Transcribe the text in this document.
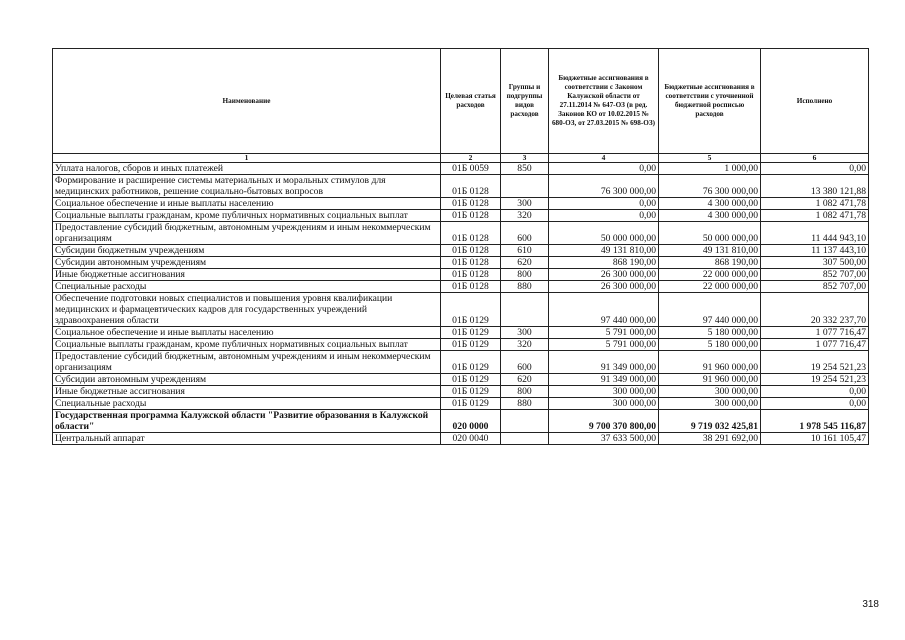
Наименование	Целевая статья расходов	Группы и подгруппы видов расходов	Бюджетные ассигнования в соответствии с Законом Калужской области от 27.11.2014 № 647-ОЗ (в ред. Законов КО от 10.02.2015 № 680-ОЗ, от 27.03.2015 № 698-ОЗ)	Бюджетные ассигнования в соответствии с уточненной бюджетной росписью расходов	Исполнено
1	2	3	4	5	6
Уплата налогов, сборов и иных платежей	01Б 0059	850	0,00	1 000,00	0,00
Формирование и расширение системы материальных и моральных стимулов для медицинских работников, решение социально-бытовых вопросов	01Б 0128		76 300 000,00	76 300 000,00	13 380 121,88
Социальное обеспечение и иные выплаты населению	01Б 0128	300	0,00	4 300 000,00	1 082 471,78
Социальные выплаты гражданам, кроме публичных нормативных социальных выплат	01Б 0128	320	0,00	4 300 000,00	1 082 471,78
Предоставление субсидий бюджетным, автономным учреждениям и иным некоммерческим организациям	01Б 0128	600	50 000 000,00	50 000 000,00	11 444 943,10
Субсидии бюджетным учреждениям	01Б 0128	610	49 131 810,00	49 131 810,00	11 137 443,10
Субсидии автономным учреждениям	01Б 0128	620	868 190,00	868 190,00	307 500,00
Иные бюджетные ассигнования	01Б 0128	800	26 300 000,00	22 000 000,00	852 707,00
Специальные расходы	01Б 0128	880	26 300 000,00	22 000 000,00	852 707,00
Обеспечение подготовки новых специалистов и повышения уровня квалификации медицинских и фармацевтических кадров для государственных учреждений здравоохранения области	01Б 0129		97 440 000,00	97 440 000,00	20 332 237,70
Социальное обеспечение и иные выплаты населению	01Б 0129	300	5 791 000,00	5 180 000,00	1 077 716,47
Социальные выплаты гражданам, кроме публичных нормативных социальных выплат	01Б 0129	320	5 791 000,00	5 180 000,00	1 077 716,47
Предоставление субсидий бюджетным, автономным учреждениям и иным некоммерческим организациям	01Б 0129	600	91 349 000,00	91 960 000,00	19 254 521,23
Субсидии автономным учреждениям	01Б 0129	620	91 349 000,00	91 960 000,00	19 254 521,23
Иные бюджетные ассигнования	01Б 0129	800	300 000,00	300 000,00	0,00
Специальные расходы	01Б 0129	880	300 000,00	300 000,00	0,00
Государственная программа Калужской области "Развитие образования в Калужской области"	020 0000		9 700 370 800,00	9 719 032 425,81	1 978 545 116,87
Центральный аппарат	020 0040		37 633 500,00	38 291 692,00	10 161 105,47
318
